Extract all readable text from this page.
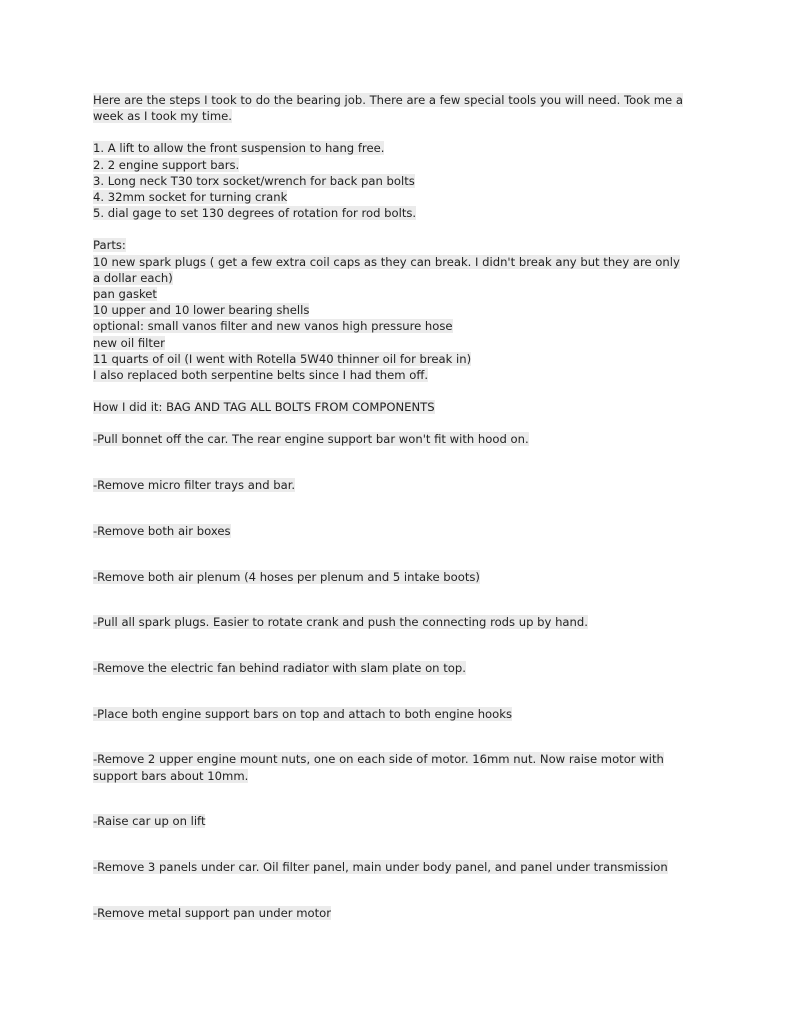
Here are the steps I took to do the bearing job. There are a few special tools you will need. Took me a
week as I took my time.
1. A lift to allow the front suspension to hang free.
2. 2 engine support bars.
3. Long neck T30 torx socket/wrench for back pan bolts
4. 32mm socket for turning crank
5. dial gage to set 130 degrees of rotation for rod bolts.
Parts:
10 new spark plugs ( get a few extra coil caps as they can break. I didn't break any but they are only
a dollar each)
pan gasket
10 upper and 10 lower bearing shells
optional: small vanos filter and new vanos high pressure hose
new oil filter
11 quarts of oil (I went with Rotella 5W40 thinner oil for break in)
I also replaced both serpentine belts since I had them off.
How I did it: BAG AND TAG ALL BOLTS FROM COMPONENTS
-Pull bonnet off the car. The rear engine support bar won't fit with hood on.
-Remove micro filter trays and bar.
-Remove both air boxes
-Remove both air plenum (4 hoses per plenum and 5 intake boots)
-Pull all spark plugs. Easier to rotate crank and push the connecting rods up by hand.
-Remove the electric fan behind radiator with slam plate on top.
-Place both engine support bars on top and attach to both engine hooks
-Remove 2 upper engine mount nuts, one on each side of motor. 16mm nut. Now raise motor with
support bars about 10mm.
-Raise car up on lift
-Remove 3 panels under car. Oil filter panel, main under body panel, and panel under transmission
-Remove metal support pan under motor
